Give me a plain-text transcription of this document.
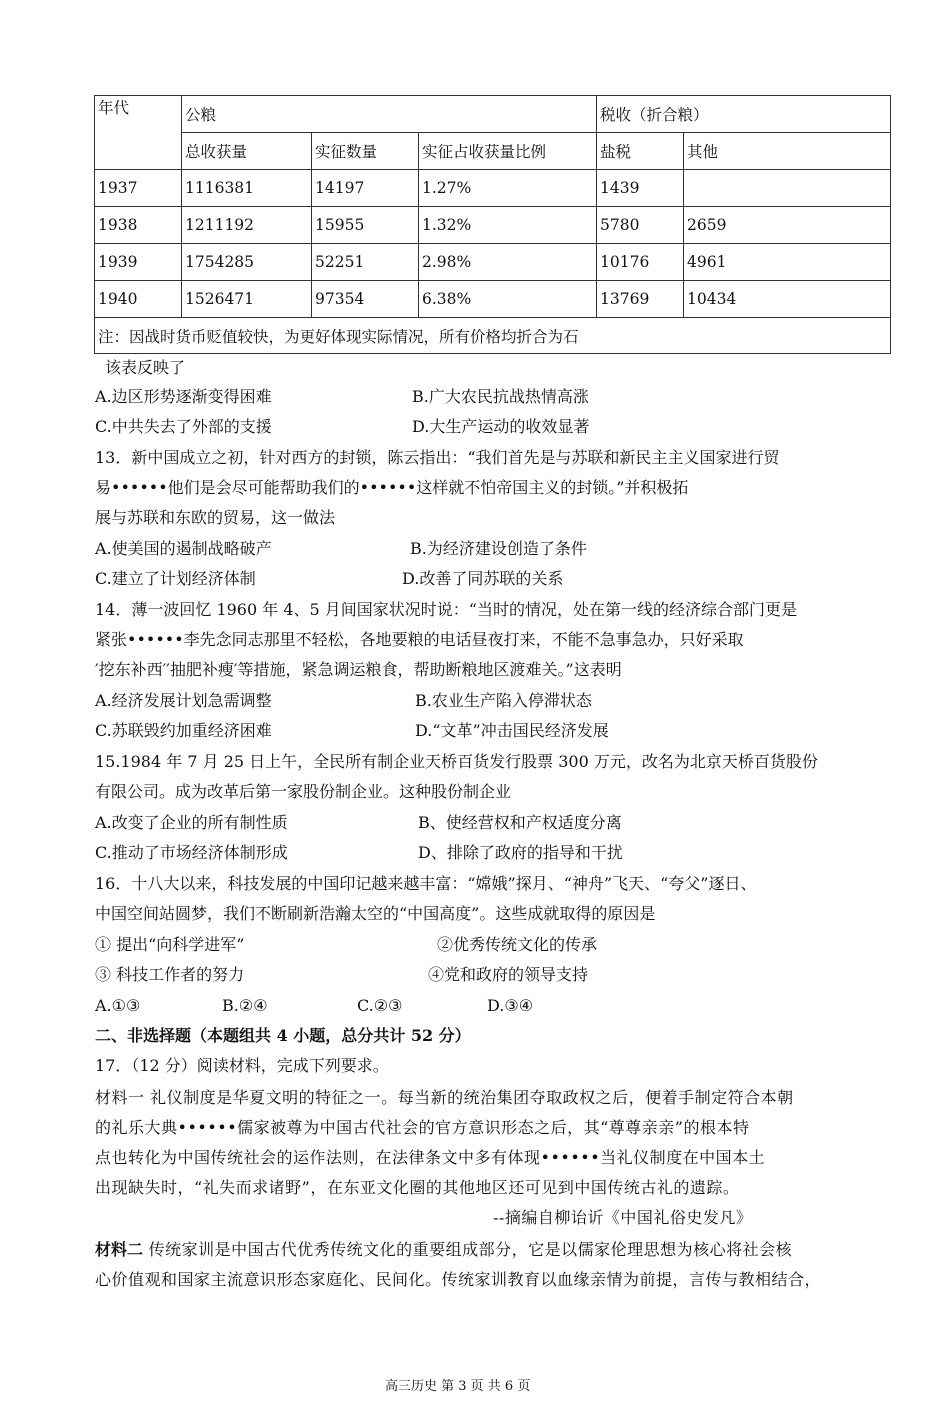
年代	公粮			税收（折合粮）	
	总收获量	实征数量	实征占收获量比例	盐税	其他
1937	1116381	14197	1.27%	1439	
1938	1211192	15955	1.32%	5780	2659
1939	1754285	52251	2.98%	10176	4961
1940	1526471	97354	6.38%	13769	10434
注：因战时货币贬值较快，为更好体现实际情况，所有价格均折合为石					
该表反映了
A.边区形势逐渐变得困难	B.广大农民抗战热情高涨
C.中共失去了外部的支援	D.大生产运动的收效显著
13．新中国成立之初，针对西方的封锁，陈云指出：“我们首先是与苏联和新民主主义国家进行贸
易••••••他们是会尽可能帮助我们的••••••这样就不怕帝国主义的封锁。”并积极拓
展与苏联和东欧的贸易，这一做法
A.使美国的遏制战略破产	B.为经济建设创造了条件
C.建立了计划经济体制	D.改善了同苏联的关系
14．薄一波回忆 1960 年 4、5 月间国家状况时说：“当时的情况，处在第一线的经济综合部门更是
紧张••••••李先念同志那里不轻松，各地要粮的电话昼夜打来，不能不急事急办，只好采取
′挖东补西′′抽肥补瘦′等措施，紧急调运粮食，帮助断粮地区渡难关。”这表明
A.经济发展计划急需调整	B.农业生产陷入停滞状态
C.苏联毁约加重经济困难	D.“文革”冲击国民经济发展
15.1984 年 7 月 25 日上午，全民所有制企业天桥百货发行股票 300 万元，改名为北京天桥百货股份
有限公司。成为改革后第一家股份制企业。这种股份制企业
A.改变了企业的所有制性质	B、使经营权和产权适度分离
C.推动了市场经济体制形成	D、排除了政府的指导和干扰
16．十八大以来，科技发展的中国印记越来越丰富：“嫦娥”探月、“神舟”飞天、“夸父”逐日、
中国空间站圆梦，我们不断刷新浩瀚太空的“中国高度”。这些成就取得的原因是
① 提出“向科学进军”	②优秀传统文化的传承
③ 科技工作者的努力	④党和政府的领导支持
A.①③	B.②④	C.②③	D.③④
二、非选择题（本题组共 4 小题，总分共计 52 分）
17．（12 分）阅读材料，完成下列要求。
材料一 礼仪制度是华夏文明的特征之一。每当新的统治集团夺取政权之后，便着手制定符合本朝
的礼乐大典••••••儒家被尊为中国古代社会的官方意识形态之后，其“尊尊亲亲”的根本特
点也转化为中国传统社会的运作法则，在法律条文中多有体现••••••当礼仪制度在中国本土
出现缺失时，“礼失而求诸野”，在东亚文化圈的其他地区还可见到中国传统古礼的遗踪。
--摘编自柳诒䜣《中国礼俗史发凡》
材料二 传统家训是中国古代优秀传统文化的重要组成部分，它是以儒家伦理思想为核心将社会核
心价值观和国家主流意识形态家庭化、民间化。传统家训教育以血缘亲情为前提，言传与教相结合，
高三历史 第 3 页 共 6 页
